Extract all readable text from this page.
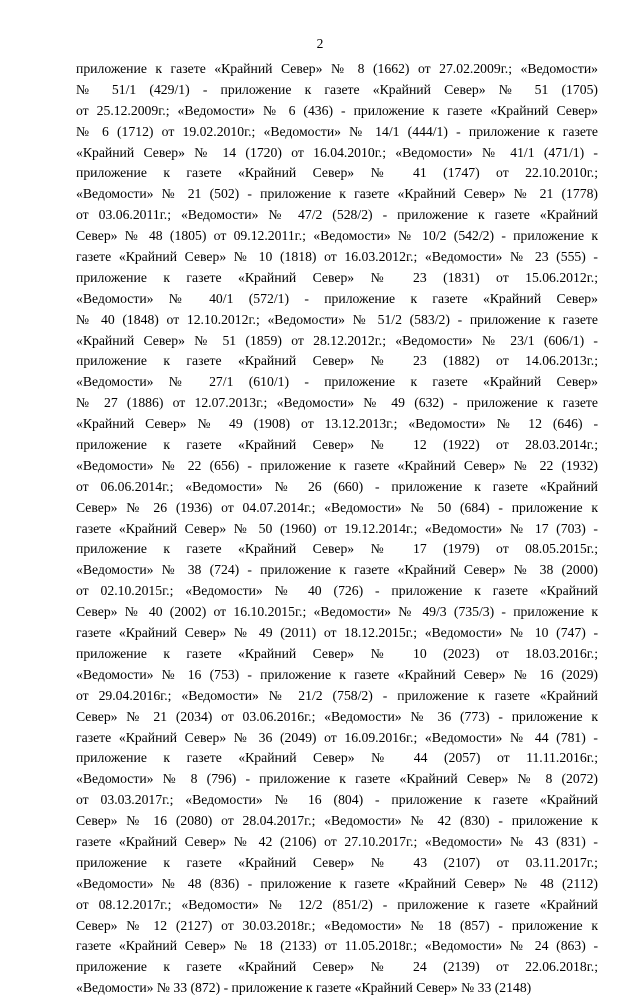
2
приложение к газете «Крайний Север» № 8 (1662) от 27.02.2009г.; «Ведомости»
№ 51/1 (429/1) - приложение к газете «Крайний Север» № 51 (1705)
от 25.12.2009г.; «Ведомости» № 6 (436) - приложение к газете «Крайний Север»
№ 6 (1712) от 19.02.2010г.; «Ведомости» № 14/1 (444/1) - приложение к газете
«Крайний Север» № 14 (1720) от 16.04.2010г.; «Ведомости» № 41/1 (471/1) -
приложение к газете «Крайний Север» № 41 (1747) от 22.10.2010г.;
«Ведомости» № 21 (502) - приложение к газете «Крайний Север» № 21 (1778)
от 03.06.2011г.; «Ведомости» № 47/2 (528/2) - приложение к газете «Крайний
Север» № 48 (1805) от 09.12.2011г.; «Ведомости» № 10/2 (542/2) - приложение к
газете «Крайний Север» № 10 (1818) от 16.03.2012г.; «Ведомости» № 23 (555) -
приложение к газете «Крайний Север» № 23 (1831) от 15.06.2012г.;
«Ведомости» № 40/1 (572/1) - приложение к газете «Крайний Север»
№ 40 (1848) от 12.10.2012г.; «Ведомости» № 51/2 (583/2) - приложение к газете
«Крайний Север» № 51 (1859) от 28.12.2012г.; «Ведомости» № 23/1 (606/1) -
приложение к газете «Крайний Север» № 23 (1882) от 14.06.2013г.;
«Ведомости» № 27/1 (610/1) - приложение к газете «Крайний Север»
№ 27 (1886) от 12.07.2013г.; «Ведомости» № 49 (632) - приложение к газете
«Крайний Север» № 49 (1908) от 13.12.2013г.; «Ведомости» № 12 (646) -
приложение к газете «Крайний Север» № 12 (1922) от 28.03.2014г.;
«Ведомости» № 22 (656) - приложение к газете «Крайний Север» № 22 (1932)
от 06.06.2014г.; «Ведомости» № 26 (660) - приложение к газете «Крайний
Север» № 26 (1936) от 04.07.2014г.; «Ведомости» № 50 (684) - приложение к
газете «Крайний Север» № 50 (1960) от 19.12.2014г.; «Ведомости» № 17 (703) -
приложение к газете «Крайний Север» № 17 (1979) от 08.05.2015г.;
«Ведомости» № 38 (724) - приложение к газете «Крайний Север» № 38 (2000)
от 02.10.2015г.; «Ведомости» № 40 (726) - приложение к газете «Крайний
Север» № 40 (2002) от 16.10.2015г.; «Ведомости» № 49/3 (735/3) - приложение к
газете «Крайний Север» № 49 (2011) от 18.12.2015г.; «Ведомости» № 10 (747) -
приложение к газете «Крайний Север» № 10 (2023) от 18.03.2016г.;
«Ведомости» № 16 (753) - приложение к газете «Крайний Север» № 16 (2029)
от 29.04.2016г.; «Ведомости» № 21/2 (758/2) - приложение к газете «Крайний
Север» № 21 (2034) от 03.06.2016г.; «Ведомости» № 36 (773) - приложение к
газете «Крайний Север» № 36 (2049) от 16.09.2016г.; «Ведомости» № 44 (781) -
приложение к газете «Крайний Север» № 44 (2057) от 11.11.2016г.;
«Ведомости» № 8 (796) - приложение к газете «Крайний Север» № 8 (2072)
от 03.03.2017г.; «Ведомости» № 16 (804) - приложение к газете «Крайний
Север» № 16 (2080) от 28.04.2017г.; «Ведомости» № 42 (830) - приложение к
газете «Крайний Север» № 42 (2106) от 27.10.2017г.; «Ведомости» № 43 (831) -
приложение к газете «Крайний Север» № 43 (2107) от 03.11.2017г.;
«Ведомости» № 48 (836) - приложение к газете «Крайний Север» № 48 (2112)
от 08.12.2017г.; «Ведомости» № 12/2 (851/2) - приложение к газете «Крайний
Север» № 12 (2127) от 30.03.2018г.; «Ведомости» № 18 (857) - приложение к
газете «Крайний Север» № 18 (2133) от 11.05.2018г.; «Ведомости» № 24 (863) -
приложение к газете «Крайний Север» № 24 (2139) от 22.06.2018г.;
«Ведомости» № 33 (872) - приложение к газете «Крайний Север» № 33 (2148)
